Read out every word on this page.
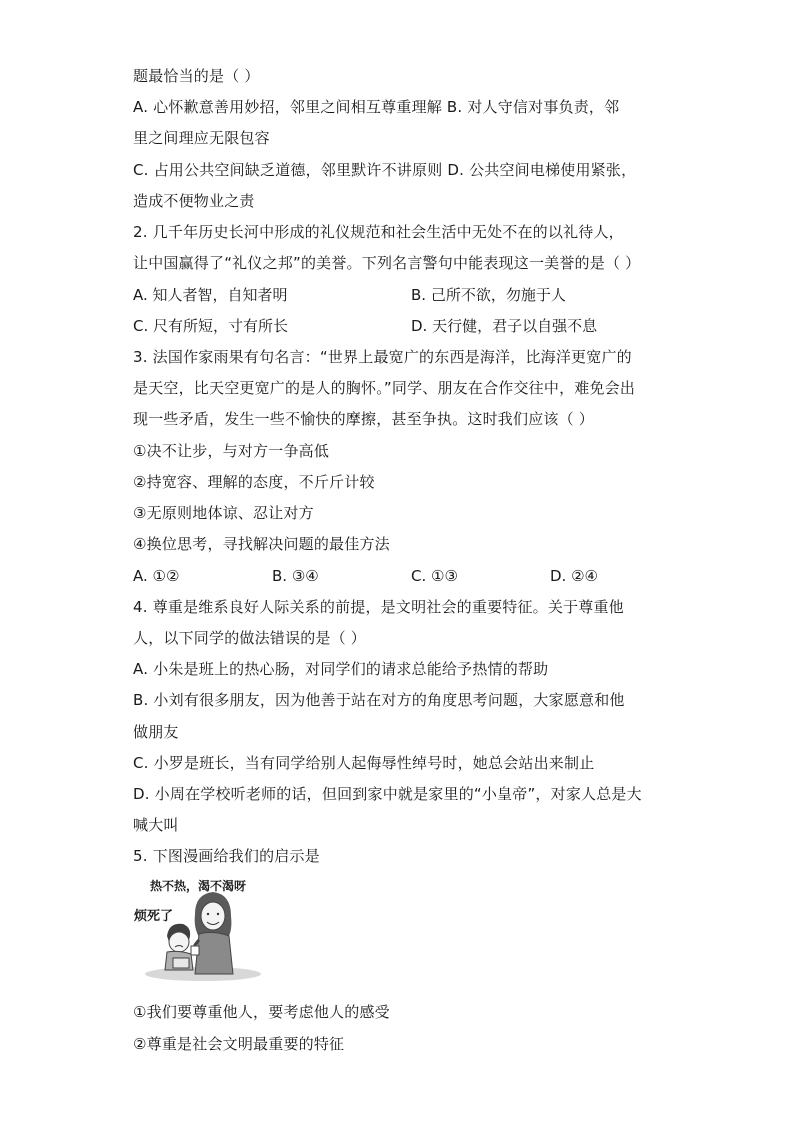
题最恰当的是（ ）
A. 心怀歉意善用妙招，邻里之间相互尊重理解 B. 对人守信对事负责，邻
里之间理应无限包容
C. 占用公共空间缺乏道德，邻里默许不讲原则 D. 公共空间电梯使用紧张，
造成不便物业之责
2. 几千年历史长河中形成的礼仪规范和社会生活中无处不在的以礼待人，
让中国赢得了“礼仪之邦”的美誉。下列名言警句中能表现这一美誉的是（ ）
A. 知人者智，自知者明	B. 己所不欲，勿施于人
C. 尺有所短，寸有所长	D. 天行健，君子以自强不息
3. 法国作家雨果有句名言：“世界上最宽广的东西是海洋，比海洋更宽广的
是天空，比天空更宽广的是人的胸怀。”同学、朋友在合作交往中，难免会出
现一些矛盾，发生一些不愉快的摩擦，甚至争执。这时我们应该（ ）
①决不让步，与对方一争高低
②持宽容、理解的态度，不斤斤计较
③无原则地体谅、忍让对方
④换位思考，寻找解决问题的最佳方法
A. ①②	B. ③④	C. ①③	D. ②④
4. 尊重是维系良好人际关系的前提，是文明社会的重要特征。关于尊重他
人，以下同学的做法错误的是（ ）
A. 小朱是班上的热心肠，对同学们的请求总能给予热情的帮助
B. 小刘有很多朋友，因为他善于站在对方的角度思考问题，大家愿意和他
做朋友
C. 小罗是班长，当有同学给别人起侮辱性绰号时，她总会站出来制止
D. 小周在学校听老师的话，但回到家中就是家里的“小皇帝”，对家人总是大
喊大叫
5. 下图漫画给我们的启示是
热不热，渴不渴呀
烦死了
①我们要尊重他人，要考虑他人的感受
②尊重是社会文明最重要的特征
